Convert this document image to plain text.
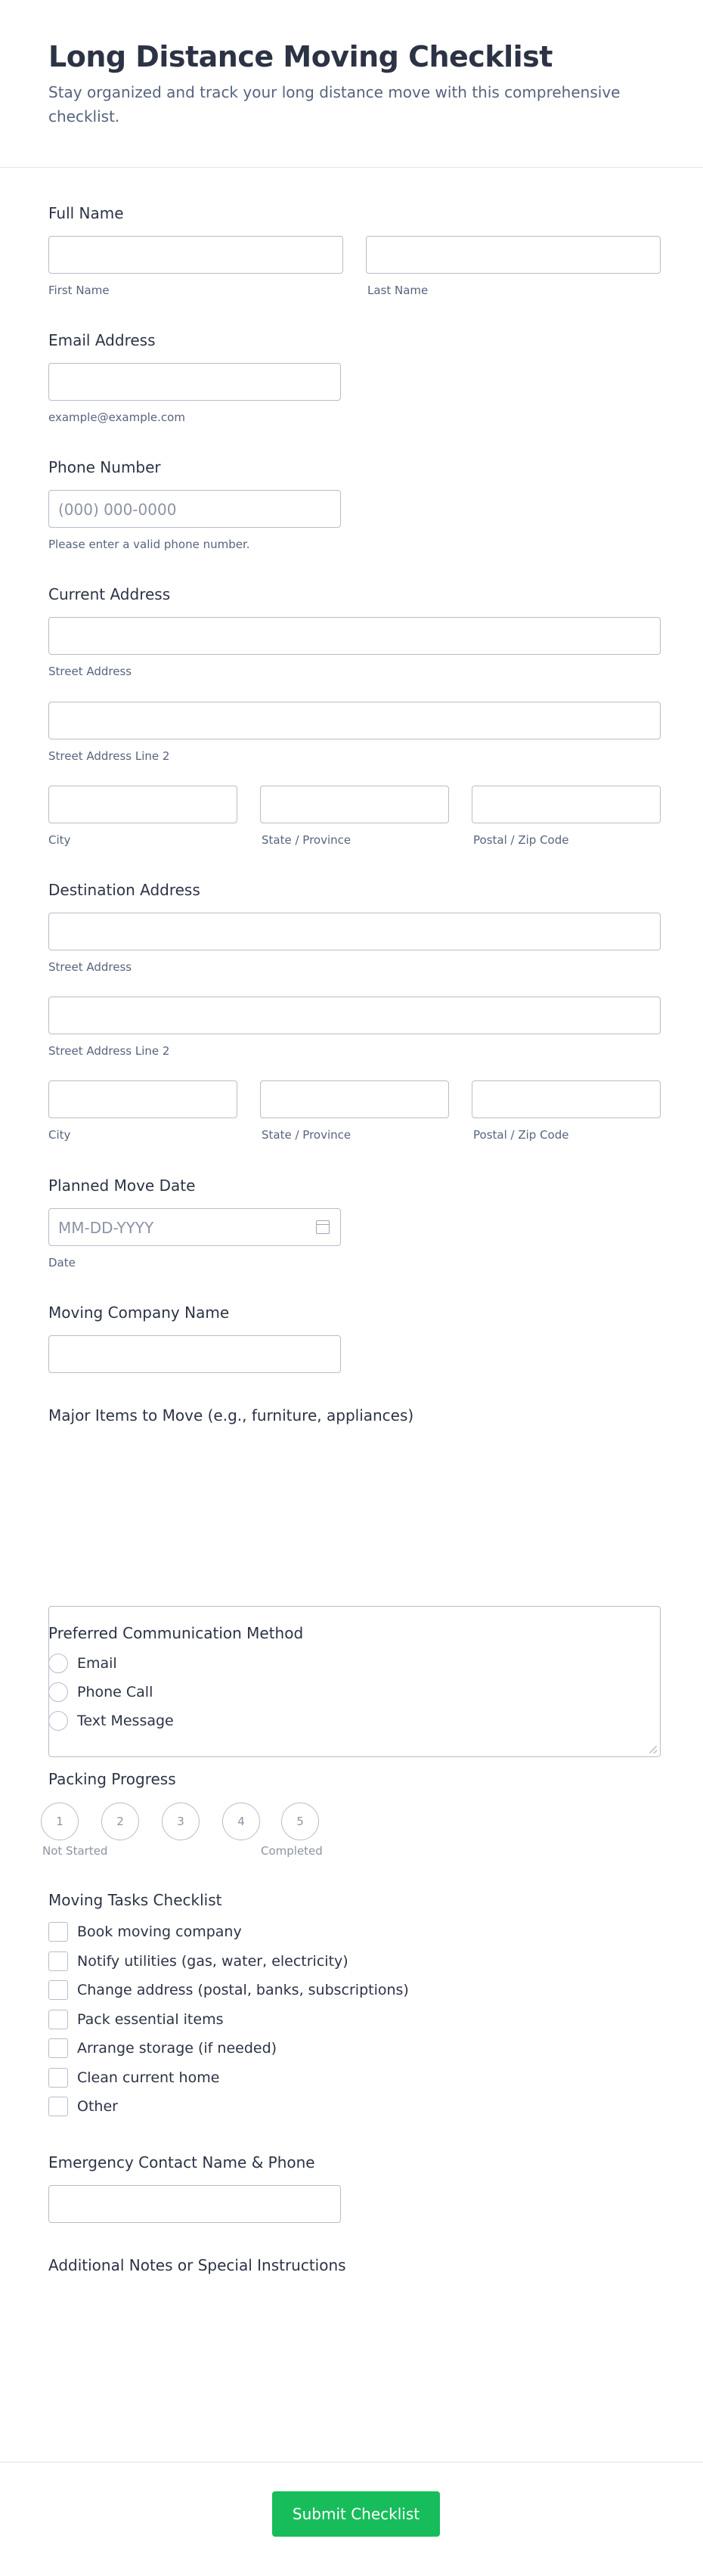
Long Distance Moving Checklist
Stay organized and track your long distance move with this comprehensive checklist.
Full Name
First Name	Last Name
Email Address
example@example.com
Phone Number
(000) 000-0000
Please enter a valid phone number.
Current Address
Street Address
Street Address Line 2
City	State / Province	Postal / Zip Code
Destination Address
Street Address
Street Address Line 2
City	State / Province	Postal / Zip Code
Planned Move Date
MM-DD-YYYY
Date
Moving Company Name
Major Items to Move (e.g., furniture, appliances)
Preferred Communication Method
Email
Phone Call
Text Message
Packing Progress
1	2	3	4	5
Not Started	Completed
Moving Tasks Checklist
Book moving company
Notify utilities (gas, water, electricity)
Change address (postal, banks, subscriptions)
Pack essential items
Arrange storage (if needed)
Clean current home
Other
Emergency Contact Name & Phone
Additional Notes or Special Instructions
Submit Checklist
